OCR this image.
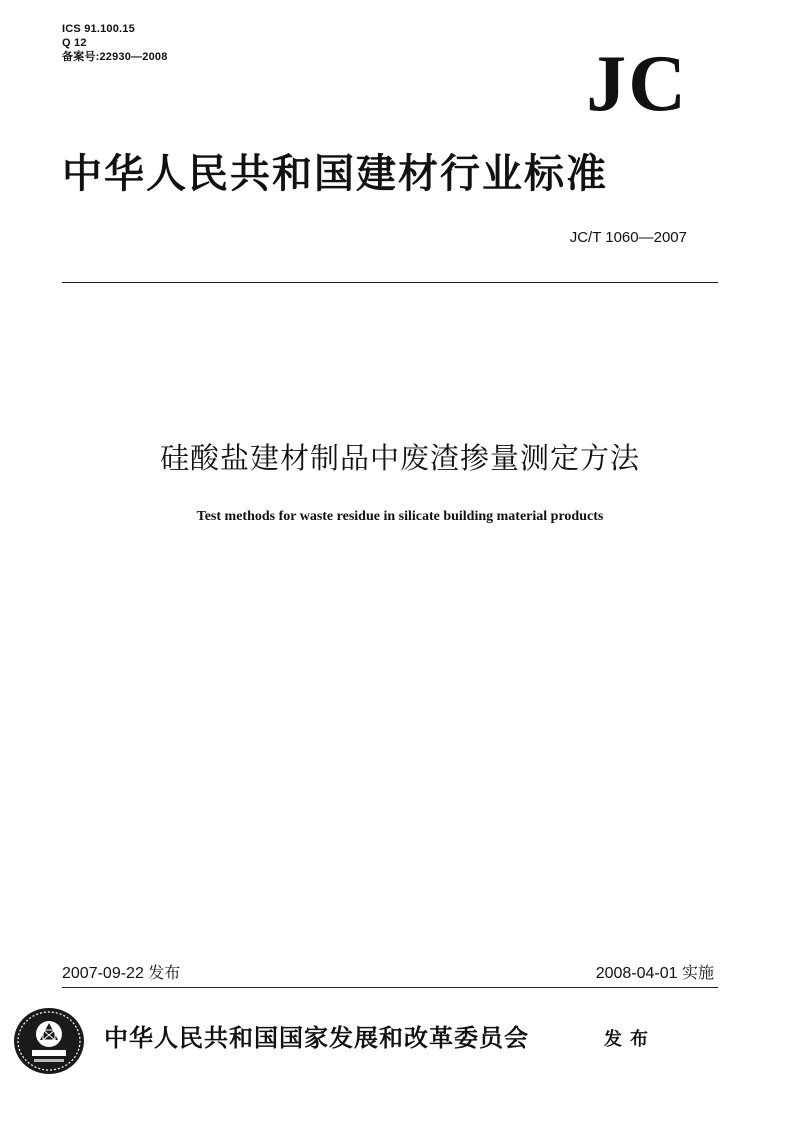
ICS 91.100.15
Q 12
备案号:22930—2008	JC
中华人民共和国建材行业标准
JC/T 1060—2007
硅酸盐建材制品中废渣掺量测定方法
Test methods for waste residue in silicate building material products
2007-09-22 发布	2008-04-01 实施
中华人民共和国国家发展和改革委员会	发布
